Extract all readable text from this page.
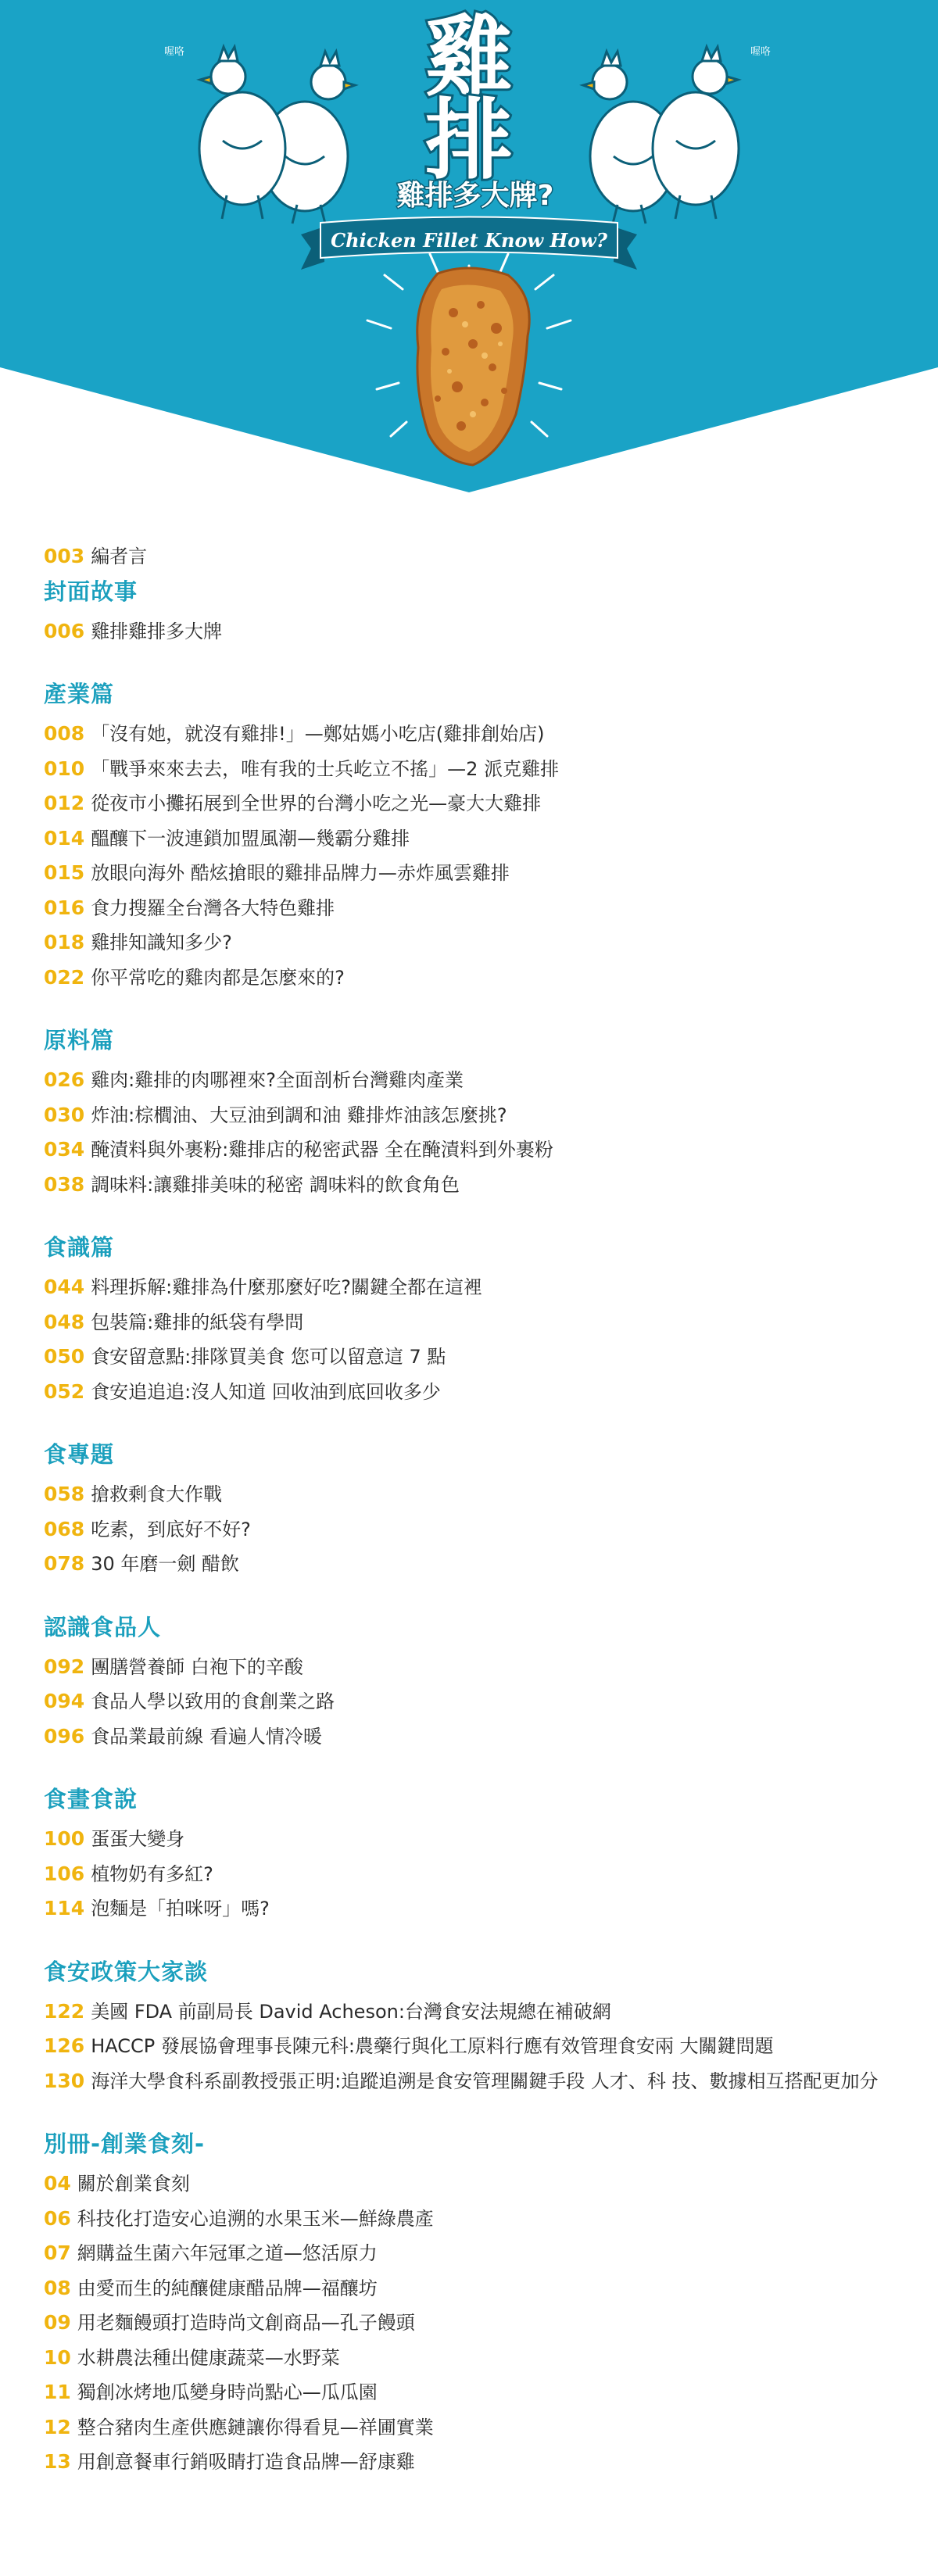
喔咯	喔咯
雞
排
雞排多大牌?
Chicken Fillet Know How?
003 編者言
封面故事
006 雞排雞排多大牌
產業篇
008 「沒有她，就沒有雞排!」—鄭姑媽小吃店(雞排創始店)
010 「戰爭來來去去，唯有我的士兵屹立不搖」—2 派克雞排
012 從夜市小攤拓展到全世界的台灣小吃之光—豪大大雞排
014 醞釀下一波連鎖加盟風潮—幾霸分雞排
015 放眼向海外 酷炫搶眼的雞排品牌力—赤炸風雲雞排
016 食力搜羅全台灣各大特色雞排
018 雞排知識知多少?
022 你平常吃的雞肉都是怎麼來的?
原料篇
026 雞肉:雞排的肉哪裡來?全面剖析台灣雞肉產業
030 炸油:棕櫚油、大豆油到調和油 雞排炸油該怎麼挑?
034 醃漬料與外裹粉:雞排店的秘密武器 全在醃漬料到外裹粉
038 調味料:讓雞排美味的秘密 調味料的飲食角色
食識篇
044 料理拆解:雞排為什麼那麼好吃?關鍵全都在這裡
048 包裝篇:雞排的紙袋有學問
050 食安留意點:排隊買美食 您可以留意這 7 點
052 食安追追追:沒人知道 回收油到底回收多少
食專題
058 搶救剩食大作戰
068 吃素，到底好不好?
078 30 年磨一劍 醋飲
認識食品人
092 團膳營養師 白袍下的辛酸
094 食品人學以致用的食創業之路
096 食品業最前線 看遍人情冷暖
食畫食說
100 蛋蛋大變身
106 植物奶有多紅?
114 泡麵是「拍咪呀」嗎?
食安政策大家談
122 美國 FDA 前副局長 David Acheson:台灣食安法規總在補破網
126 HACCP 發展協會理事長陳元科:農藥行與化工原料行應有效管理食安兩 大關鍵問題
130 海洋大學食科系副教授張正明:追蹤追溯是食安管理關鍵手段 人才、科 技、數據相互搭配更加分
別冊-創業食刻-
04 關於創業食刻
06 科技化打造安心追溯的水果玉米—鮮綠農產
07 網購益生菌六年冠軍之道—悠活原力
08 由愛而生的純釀健康醋品牌—福釀坊
09 用老麵饅頭打造時尚文創商品—孔子饅頭
10 水耕農法種出健康蔬菜—水野菜
11 獨創冰烤地瓜變身時尚點心—瓜瓜園
12 整合豬肉生產供應鏈讓你得看見—祥圃實業
13 用創意餐車行銷吸睛打造食品牌—舒康雞
